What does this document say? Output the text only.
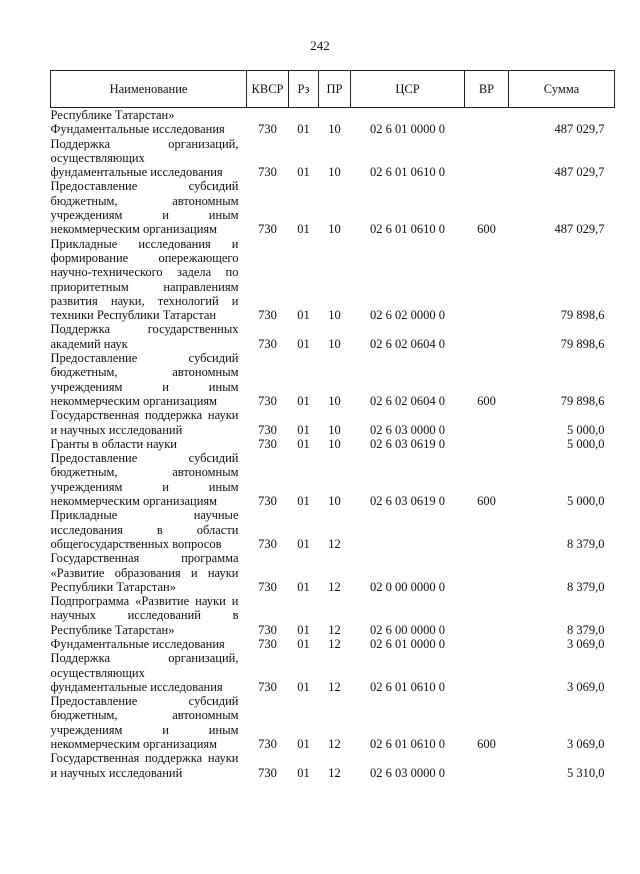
242
Наименование	КВСР	Рз	ПР	ЦСР	ВР	Сумма
Республике Татарстан»						
Фундаментальные исследования	730	01	10	02 6 01 0000 0		487 029,7
Поддержка организаций, осуществляющих фундаментальные исследования	730	01	10	02 6 01 0610 0		487 029,7
Предоставление субсидий бюджетным, автономным учреждениям и иным некоммерческим организациям	730	01	10	02 6 01 0610 0	600	487 029,7
Прикладные исследования и формирование опережающего научно-технического задела по приоритетным направлениям развития науки, технологий и техники Республики Татарстан	730	01	10	02 6 02 0000 0		79 898,6
Поддержка государственных академий наук	730	01	10	02 6 02 0604 0		79 898,6
Предоставление субсидий бюджетным, автономным учреждениям и иным некоммерческим организациям	730	01	10	02 6 02 0604 0	600	79 898,6
Государственная поддержка науки и научных исследований	730	01	10	02 6 03 0000 0		5 000,0
Гранты в области науки	730	01	10	02 6 03 0619 0		5 000,0
Предоставление субсидий бюджетным, автономным учреждениям и иным некоммерческим организациям	730	01	10	02 6 03 0619 0	600	5 000,0
Прикладные научные исследования в области общегосударственных вопросов	730	01	12			8 379,0
Государственная программа «Развитие образования и науки Республики Татарстан»	730	01	12	02 0 00 0000 0		8 379,0
Подпрограмма «Развитие науки и научных исследований в Республике Татарстан»	730	01	12	02 6 00 0000 0		8 379,0
Фундаментальные исследования	730	01	12	02 6 01 0000 0		3 069,0
Поддержка организаций, осуществляющих фундаментальные исследования	730	01	12	02 6 01 0610 0		3 069,0
Предоставление субсидий бюджетным, автономным учреждениям и иным некоммерческим организациям	730	01	12	02 6 01 0610 0	600	3 069,0
Государственная поддержка науки и научных исследований	730	01	12	02 6 03 0000 0		5 310,0
